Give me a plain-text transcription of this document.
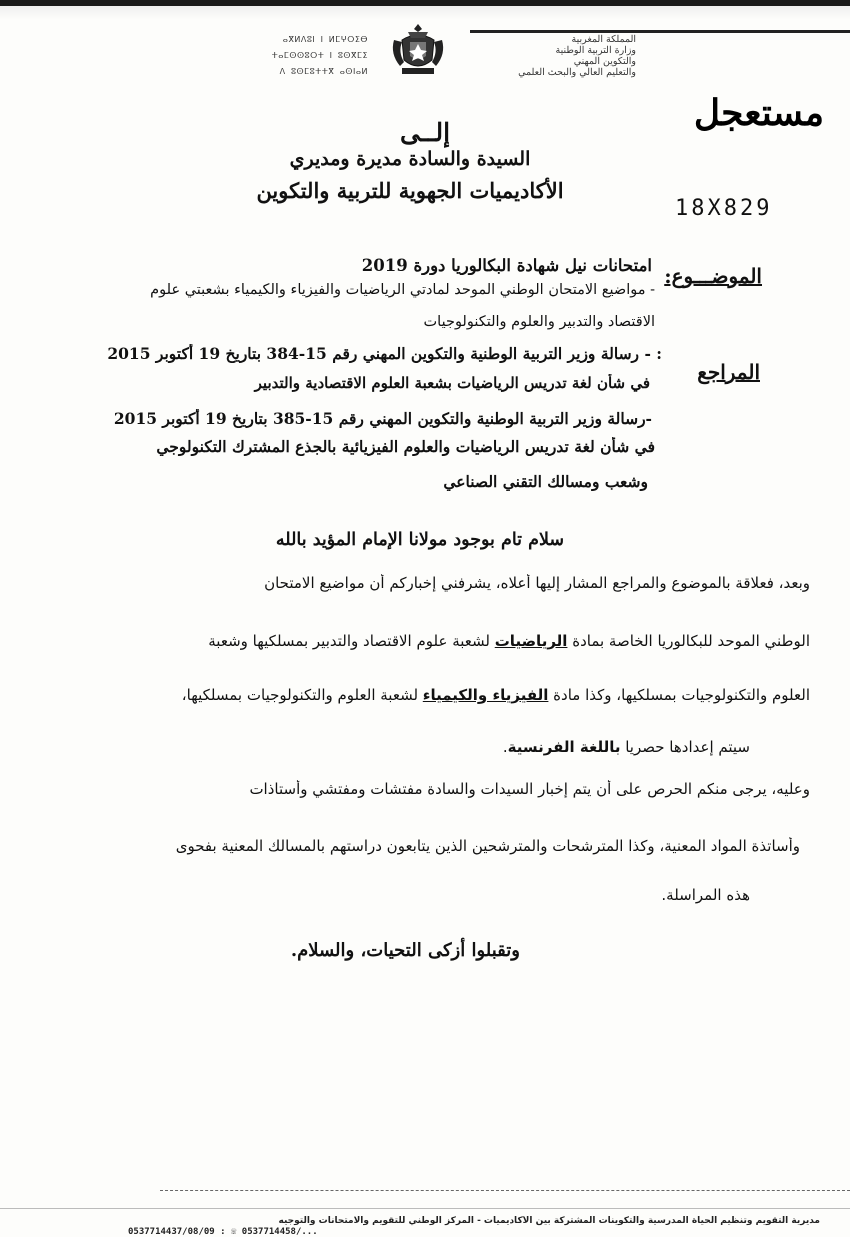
ⴰⴳⵍⴷⵓⵏ ⵏ ⵍⵎⵖⵔⵉⴱ
ⵜⴰⵎⵙⵙⵓⵔⵜ ⵏ ⵓⵙⴳⵎⵉ
ⴷ ⵓⵙⵎⵓⵜⵜⴳ ⴰⵙⵏⴰⵍ
المملكة المغربية
وزارة التربية الوطنية
والتكوين المهني
والتعليم العالي والبحث العلمي
مستعجل
إلــى
السيدة والسادة مديرة ومديري
الأكاديميات الجهوية للتربية والتكوين
18X829
الموضـــوع:
امتحانات نيل شهادة البكالوريا دورة 2019
- مواضيع الامتحان الوطني الموحد لمادتي الرياضيات والفيزياء والكيمياء بشعبتي علوم
الاقتصاد والتدبير والعلوم والتكنولوجيات
المراجع
: - رسالة وزير التربية الوطنية والتكوين المهني رقم 15-384 بتاريخ 19 أكتوبر 2015
في شأن لغة تدريس الرياضيات بشعبة العلوم الاقتصادية والتدبير
-رسالة وزير التربية الوطنية والتكوين المهني رقم 15-385 بتاريخ 19 أكتوبر 2015
في شأن لغة تدريس الرياضيات والعلوم الفيزيائية بالجذع المشترك التكنولوجي
وشعب ومسالك التقني الصناعي
سلام تام بوجود مولانا الإمام المؤيد بالله
وبعد، فعلاقة بالموضوع والمراجع المشار إليها أعلاه، يشرفني إخباركم أن مواضيع الامتحان
الوطني الموحد للبكالوريا الخاصة بمادة الرياضيات لشعبة علوم الاقتصاد والتدبير بمسلكيها وشعبة
العلوم والتكنولوجيات بمسلكيها، وكذا مادة الفيزياء والكيمياء لشعبة العلوم والتكنولوجيات بمسلكيها،
سيتم إعدادها حصريا باللغة الفرنسية.
وعليه، يرجى منكم الحرص على أن يتم إخبار السيدات والسادة مفتشات ومفتشي وأستاذات
وأساتذة المواد المعنية، وكذا المترشحات والمترشحين الذين يتابعون دراستهم بالمسالك المعنية بفحوى
هذه المراسلة.
وتقبلوا أزكى التحيات، والسلام.
مديرية التقويم وتنظيم الحياة المدرسية والتكوينات المشتركة بين الأكاديميات - المركز الوطني للتقويم والامتحانات والتوجيه
0537714437/08/09 : ☏ 0537714458/...
